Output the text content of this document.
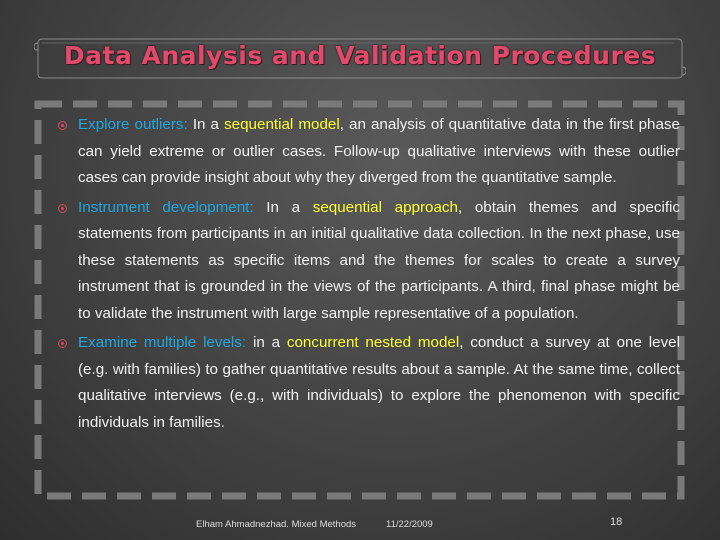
Data Analysis and Validation Procedures

Explore outliers: In a sequential model, an analysis of quantitative data in the first phase can yield extreme or outlier cases. Follow-up qualitative interviews with these outlier cases can provide insight about why they diverged from the quantitative sample.

Instrument development: In a sequential approach, obtain themes and specific statements from participants in an initial qualitative data collection. In the next phase, use these statements as specific items and the themes for scales to create a survey instrument that is grounded in the views of the participants. A third, final phase might be to validate the instrument with large sample representative of a population.

Examine multiple levels: in a concurrent nested model, conduct a survey at one level (e.g. with families) to gather quantitative results about a sample. At the same time, collect qualitative interviews (e.g., with individuals) to explore the phenomenon with specific individuals in families.

Elham Ahmadnezhad. Mixed Methods	11/22/2009	18
